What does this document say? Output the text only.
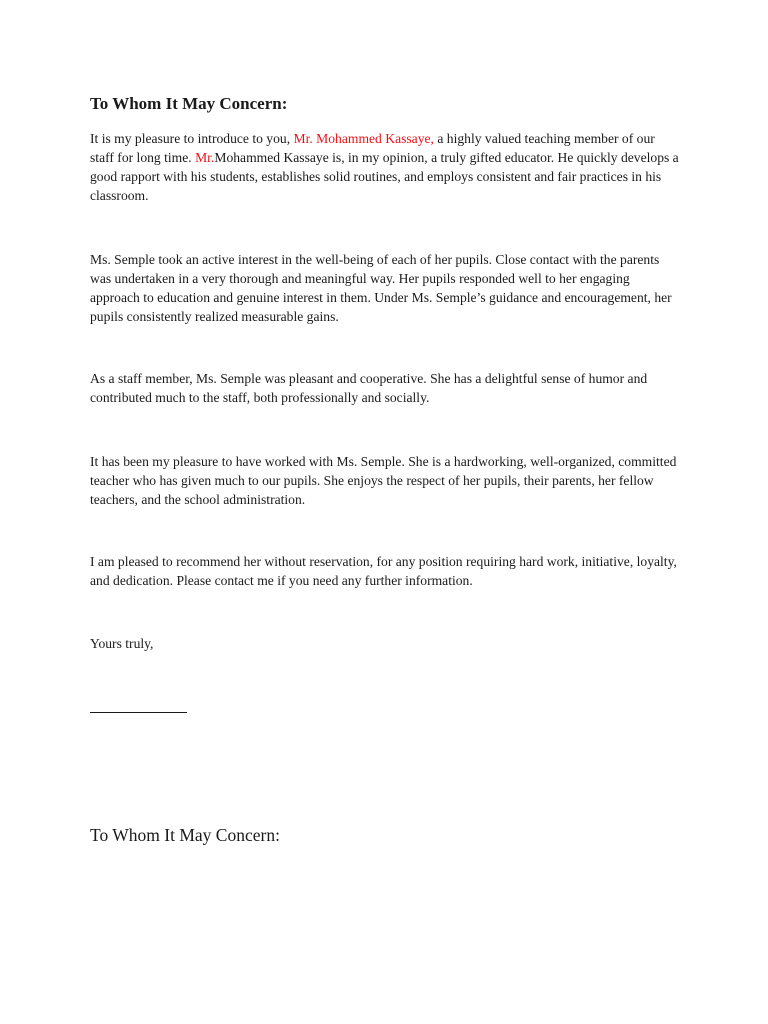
To Whom It May Concern:

It is my pleasure to introduce to you, Mr. Mohammed Kassaye, a highly valued teaching member of our staff for long time. Mr.Mohammed Kassaye is, in my opinion, a truly gifted educator. He quickly develops a good rapport with his students, establishes solid routines, and employs consistent and fair practices in his classroom.

Ms. Semple took an active interest in the well-being of each of her pupils. Close contact with the parents was undertaken in a very thorough and meaningful way. Her pupils responded well to her engaging approach to education and genuine interest in them. Under Ms. Semple’s guidance and encouragement, her pupils consistently realized measurable gains.

As a staff member, Ms. Semple was pleasant and cooperative. She has a delightful sense of humor and contributed much to the staff, both professionally and socially.

It has been my pleasure to have worked with Ms. Semple. She is a hardworking, well-organized, committed teacher who has given much to our pupils. She enjoys the respect of her pupils, their parents, her fellow teachers, and the school administration.

I am pleased to recommend her without reservation, for any position requiring hard work, initiative, loyalty, and dedication. Please contact me if you need any further information.

Yours truly,

To Whom It May Concern:
